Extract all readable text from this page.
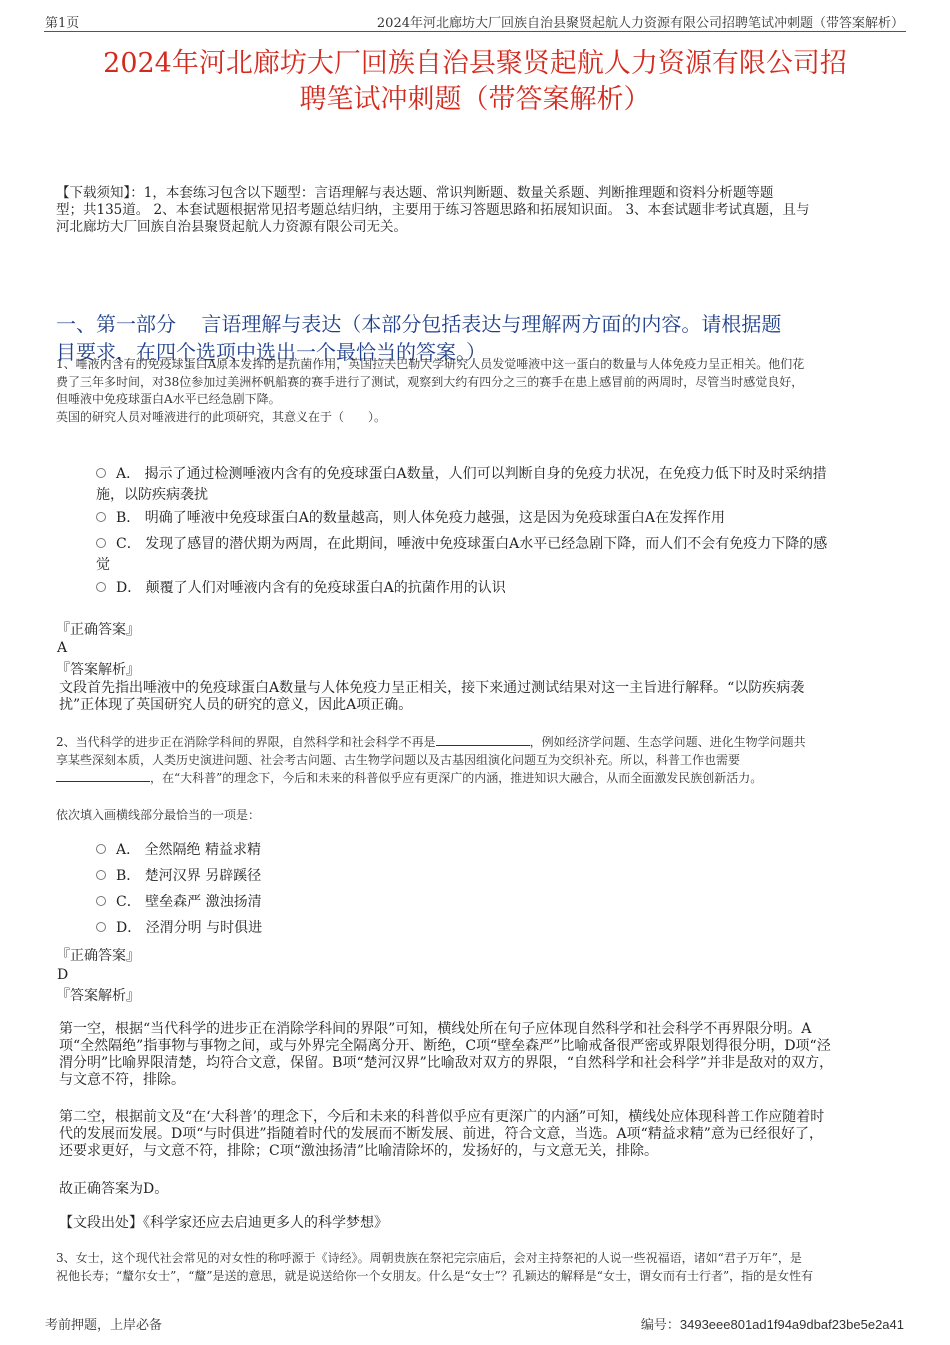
第1页	2024年河北廊坊大厂回族自治县聚贤起航人力资源有限公司招聘笔试冲刺题（带答案解析）
2024年河北廊坊大厂回族自治县聚贤起航人力资源有限公司招
聘笔试冲刺题（带答案解析）
【下载须知】：1，本套练习包含以下题型：言语理解与表达题、常识判断题、数量关系题、判断推理题和资料分析题等题
型；共135道。 2、本套试题根据常见招考题总结归纳，主要用于练习答题思路和拓展知识面。 3、本套试题非考试真题，且与
河北廊坊大厂回族自治县聚贤起航人力资源有限公司无关。
一、第一部分    言语理解与表达（本部分包括表达与理解两方面的内容。请根据题
目要求，在四个选项中选出一个最恰当的答案。）
1、唾液内含有的免疫球蛋白A原本发挥的是抗菌作用，英国拉夫巴勒大学研究人员发觉唾液中这一蛋白的数量与人体免疫力呈正相关。他们花
费了三年多时间，对38位参加过美洲杯帆船赛的赛手进行了测试，观察到大约有四分之三的赛手在患上感冒前的两周时，尽管当时感觉良好，
但唾液中免疫球蛋白A水平已经急剧下降。
英国的研究人员对唾液进行的此项研究，其意义在于（　　）。
A． 揭示了通过检测唾液内含有的免疫球蛋白A数量，人们可以判断自身的免疫力状况，在免疫力低下时及时采纳措
施，以防疾病袭扰
B． 明确了唾液中免疫球蛋白A的数量越高，则人体免疫力越强，这是因为免疫球蛋白A在发挥作用
C． 发现了感冒的潜伏期为两周，在此期间，唾液中免疫球蛋白A水平已经急剧下降，而人们不会有免疫力下降的感
觉
D． 颠覆了人们对唾液内含有的免疫球蛋白A的抗菌作用的认识
『正确答案』
A
『答案解析』
文段首先指出唾液中的免疫球蛋白A数量与人体免疫力呈正相关，接下来通过测试结果对这一主旨进行解释。“以防疾病袭
扰”正体现了英国研究人员的研究的意义，因此A项正确。
2、当代科学的进步正在消除学科间的界限，自然科学和社会科学不再是	，例如经济学问题、生态学问题、进化生物学问题共
享某些深刻本质，人类历史演进问题、社会考古问题、古生物学问题以及古基因组演化问题互为交织补充。所以，科普工作也需要
，在“大科普”的理念下，今后和未来的科普似乎应有更深广的内涵，推进知识大融合，从而全面激发民族创新活力。
依次填入画横线部分最恰当的一项是：
A． 全然隔绝 精益求精
B． 楚河汉界 另辟蹊径
C． 壁垒森严 激浊扬清
D． 泾渭分明 与时俱进
『正确答案』
D
『答案解析』
第一空，根据“当代科学的进步正在消除学科间的界限”可知，横线处所在句子应体现自然科学和社会科学不再界限分明。A
项“全然隔绝”指事物与事物之间，或与外界完全隔离分开、断绝，C项“壁垒森严”比喻戒备很严密或界限划得很分明，D项“泾
渭分明”比喻界限清楚，均符合文意，保留。B项“楚河汉界”比喻敌对双方的界限，“自然科学和社会科学”并非是敌对的双方，
与文意不符，排除。
第二空，根据前文及“在‘大科普’的理念下，今后和未来的科普似乎应有更深广的内涵”可知，横线处应体现科普工作应随着时
代的发展而发展。D项“与时俱进”指随着时代的发展而不断发展、前进，符合文意，当选。A项“精益求精”意为已经很好了，
还要求更好，与文意不符，排除；C项“激浊扬清”比喻清除坏的，发扬好的，与文意无关，排除。
故正确答案为D。
【文段出处】《科学家还应去启迪更多人的科学梦想》
3、女士，这个现代社会常见的对女性的称呼源于《诗经》。周朝贵族在祭祀完宗庙后，会对主持祭祀的人说一些祝福语，诸如“君子万年”，是
祝他长寿；“釐尔女士”，“釐”是送的意思，就是说送给你一个女朋友。什么是“女士”？孔颖达的解释是“女士，谓女而有士行者”，指的是女性有
考前押题，上岸必备	编号：3493eee801ad1f94a9dbaf23be5e2a41
